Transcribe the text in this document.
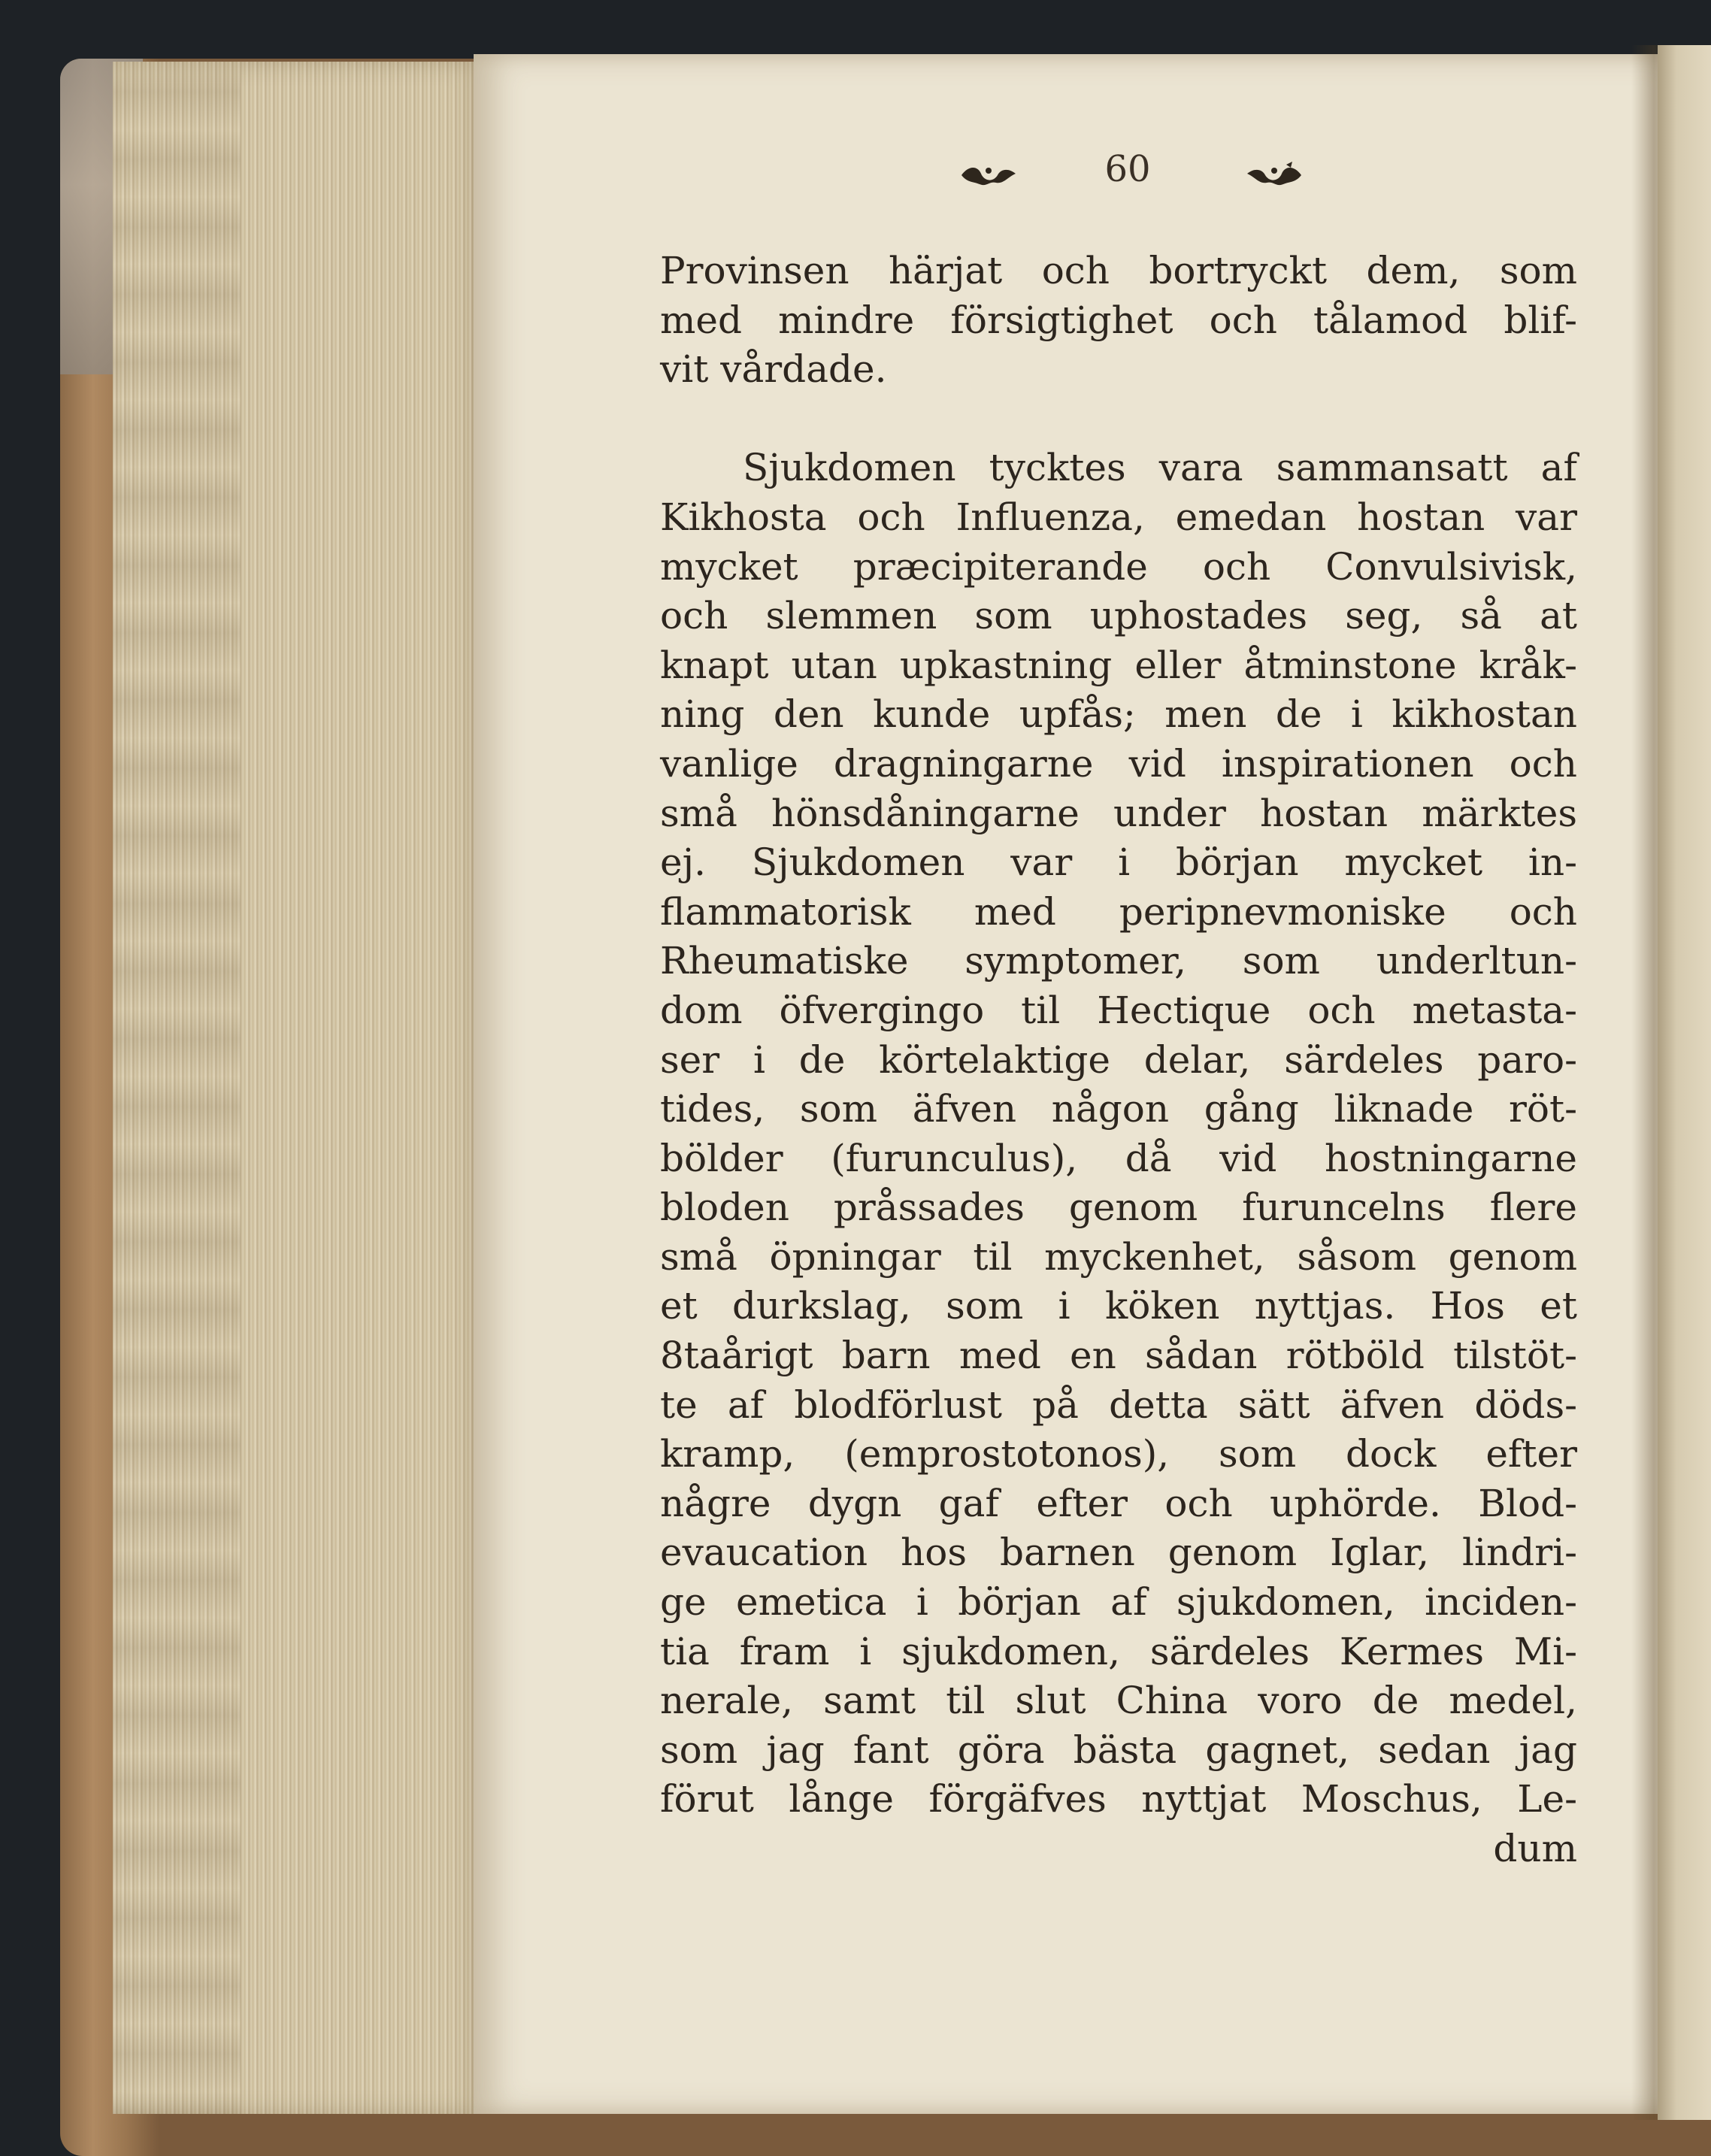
60
Provinsen härjat och bortryckt dem, som
med mindre försigtighet och tålamod blif-
vit vårdade.
Sjukdomen tycktes vara sammansatt af
Kikhosta och Influenza, emedan hostan var
mycket præcipiterande och Convulsivisk,
och slemmen som uphostades seg, så at
knapt utan upkastning eller åtminstone kråk-
ning den kunde upfås; men de i kikhostan
vanlige dragningarne vid inspirationen och
små hönsdåningarne under hostan märktes
ej. Sjukdomen var i början mycket in-
flammatorisk med peripnevmoniske och
Rheumatiske symptomer, som underltun-
dom öfvergingo til Hectique och metasta-
ser i de körtelaktige delar, särdeles paro-
tides, som äfven någon gång liknade röt-
bölder (furunculus), då vid hostningarne
bloden pråssades genom furuncelns flere
små öpningar til myckenhet, såsom genom
et durkslag, som i köken nyttjas. Hos et
8taårigt barn med en sådan rötböld tilstöt-
te af blodförlust på detta sätt äfven döds-
kramp, (emprostotonos), som dock efter
någre dygn gaf efter och uphörde. Blod-
evaucation hos barnen genom Iglar, lindri-
ge emetica i början af sjukdomen, inciden-
tia fram i sjukdomen, särdeles Kermes Mi-
nerale, samt til slut China voro de medel,
som jag fant göra bästa gagnet, sedan jag
förut långe förgäfves nyttjat Moschus, Le-
dum
